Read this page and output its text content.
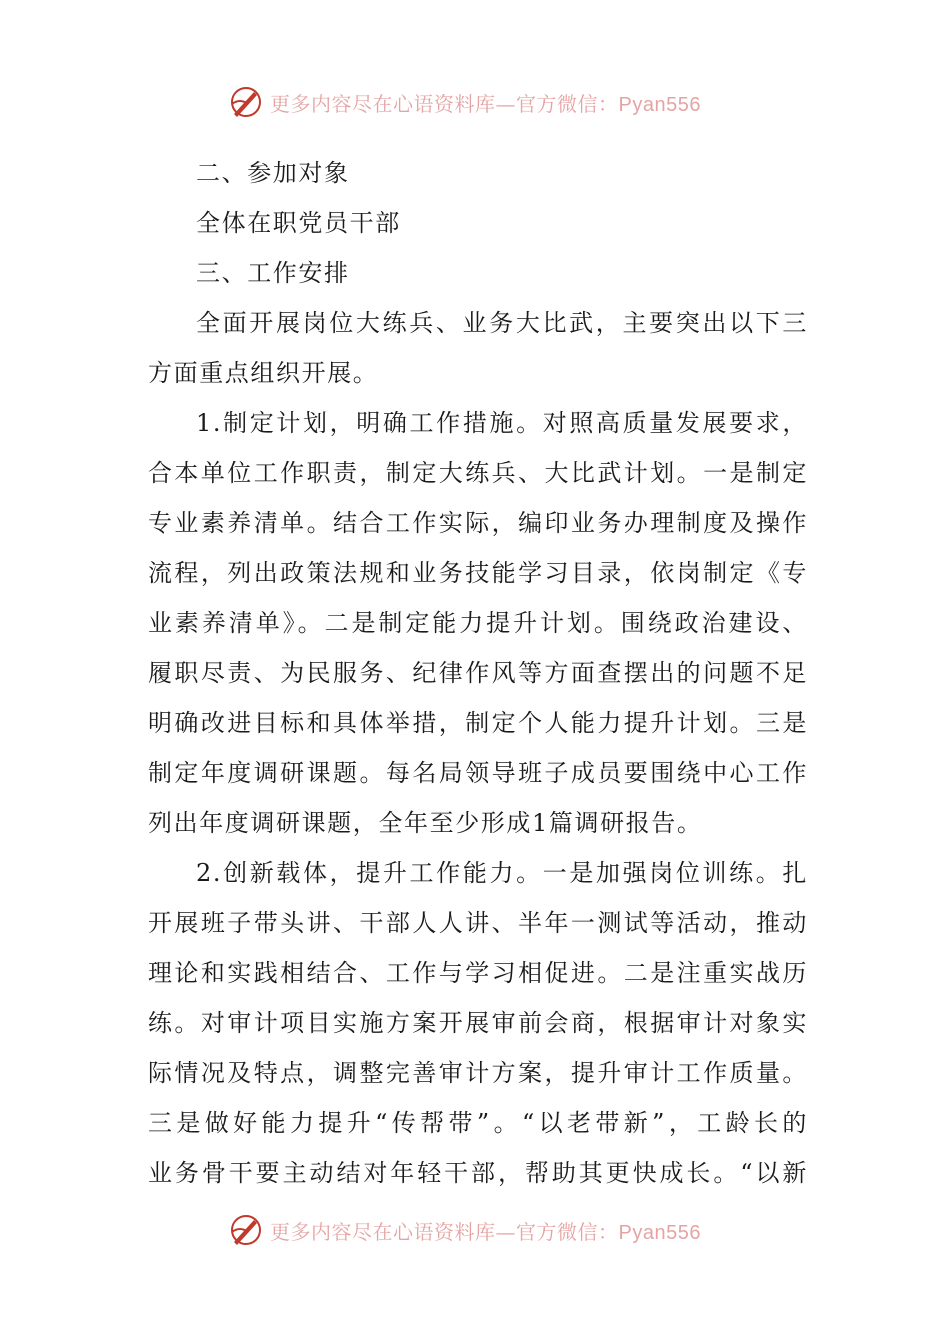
更多内容尽在心语资料库—官方微信：Pyan556
二、参加对象
全体在职党员干部
三、工作安排
全面开展岗位大练兵、业务大比武，主要突出以下三
方面重点组织开展。
1.制定计划，明确工作措施。对照高质量发展要求，
合本单位工作职责，制定大练兵、大比武计划。一是制定
专业素养清单。结合工作实际，编印业务办理制度及操作
流程，列出政策法规和业务技能学习目录，依岗制定《专
业素养清单》。二是制定能力提升计划。围绕政治建设、
履职尽责、为民服务、纪律作风等方面查摆出的问题不足
明确改进目标和具体举措，制定个人能力提升计划。三是
制定年度调研课题。每名局领导班子成员要围绕中心工作
列出年度调研课题，全年至少形成1篇调研报告。
2.创新载体，提升工作能力。一是加强岗位训练。扎
开展班子带头讲、干部人人讲、半年一测试等活动，推动
理论和实践相结合、工作与学习相促进。二是注重实战历
练。对审计项目实施方案开展审前会商，根据审计对象实
际情况及特点，调整完善审计方案，提升审计工作质量。
三是做好能力提升“传帮带”。“以老带新”，工龄长的
业务骨干要主动结对年轻干部，帮助其更快成长。“以新
更多内容尽在心语资料库—官方微信：Pyan556
